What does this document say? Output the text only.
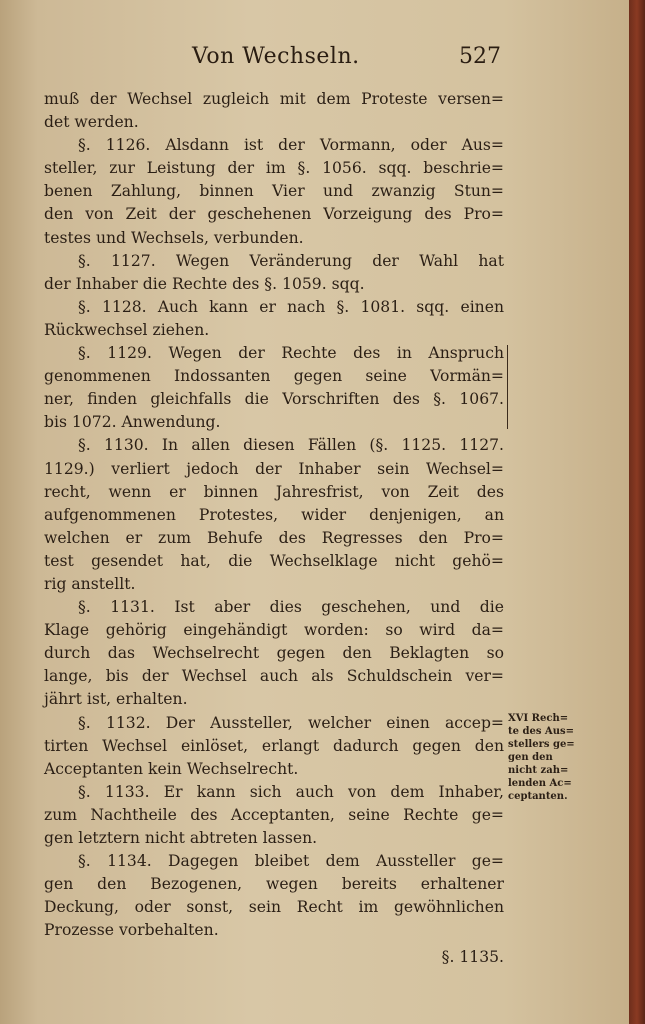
Von Wechseln.	527
muß der Wechsel zugleich mit dem Proteste versen=
det werden.
§. 1126. Alsdann ist der Vormann, oder Aus=
steller, zur Leistung der im §. 1056. sqq. beschrie=
benen Zahlung, binnen Vier und zwanzig Stun=
den von Zeit der geschehenen Vorzeigung des Pro=
testes und Wechsels, verbunden.
§. 1127. Wegen Veränderung der Wahl hat
der Inhaber die Rechte des §. 1059. sqq.
§. 1128. Auch kann er nach §. 1081. sqq. einen
Rückwechsel ziehen.
§. 1129. Wegen der Rechte des in Anspruch
genommenen Indossanten gegen seine Vormän=
ner, finden gleichfalls die Vorschriften des §. 1067.
bis 1072. Anwendung.
§. 1130. In allen diesen Fällen (§. 1125. 1127.
1129.) verliert jedoch der Inhaber sein Wechsel=
recht, wenn er binnen Jahresfrist, von Zeit des
aufgenommenen Protestes, wider denjenigen, an
welchen er zum Behufe des Regresses den Pro=
test gesendet hat, die Wechselklage nicht gehö=
rig anstellt.
§. 1131. Ist aber dies geschehen, und die
Klage gehörig eingehändigt worden: so wird da=
durch das Wechselrecht gegen den Beklagten so
lange, bis der Wechsel auch als Schuldschein ver=
jährt ist, erhalten.
§. 1132. Der Aussteller, welcher einen accep=
tirten Wechsel einlöset, erlangt dadurch gegen den
Acceptanten kein Wechselrecht.
§. 1133. Er kann sich auch von dem Inhaber,
zum Nachtheile des Acceptanten, seine Rechte ge=
gen letztern nicht abtreten lassen.
§. 1134. Dagegen bleibet dem Aussteller ge=
gen den Bezogenen, wegen bereits erhaltener
Deckung, oder sonst, sein Recht im gewöhnlichen
Prozesse vorbehalten.
§. 1135.
XVI Rech=
te des Aus=
stellers ge=
gen den
nicht zah=
lenden Ac=
ceptanten.
